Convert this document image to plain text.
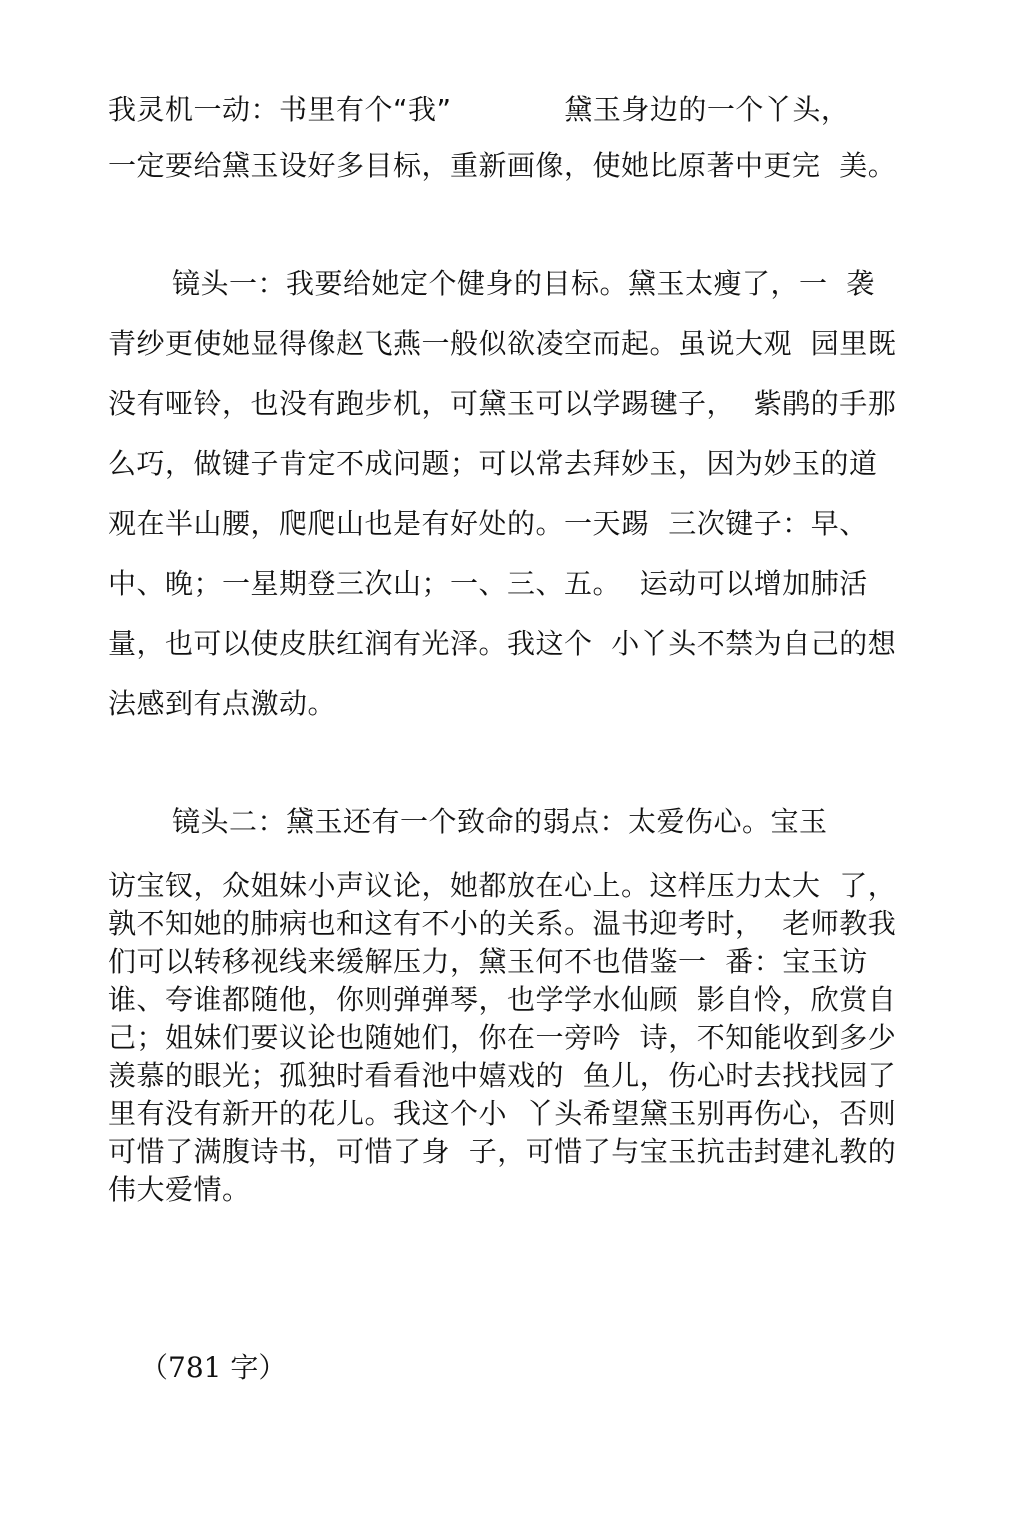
我灵机一动：书里有个“我”            黛玉身边的一个丫头，
一定要给黛玉设好多目标，重新画像，使她比原著中更完  美。
镜头一：我要给她定个健身的目标。黛玉太瘦了，一  袭
青纱更使她显得像赵飞燕一般似欲凌空而起。虽说大观  园里既
没有哑铃，也没有跑步机，可黛玉可以学踢毽子，  紫鹃的手那
么巧，做键子肯定不成问题；可以常去拜妙玉，因为妙玉的道
观在半山腰，爬爬山也是有好处的。一天踢  三次键子：早、
中、晚；一星期登三次山；一、三、五。  运动可以增加肺活
量，也可以使皮肤红润有光泽。我这个  小丫头不禁为自己的想
法感到有点激动。
镜头二：黛玉还有一个致命的弱点：太爱伤心。宝玉
访宝钗，众姐妹小声议论，她都放在心上。这样压力太大  了，
孰不知她的肺病也和这有不小的关系。温书迎考时，  老师教我
们可以转移视线来缓解压力，黛玉何不也借鉴一  番：宝玉访
谁、夸谁都随他，你则弹弹琴，也学学水仙顾  影自怜，欣赏自
己；姐妹们要议论也随她们，你在一旁吟  诗，不知能收到多少
羡慕的眼光；孤独时看看池中嬉戏的  鱼儿，伤心时去找找园了
里有没有新开的花儿。我这个小  丫头希望黛玉别再伤心，否则
可惜了满腹诗书，可惜了身  子，可惜了与宝玉抗击封建礼教的
伟大爱情。
（781 字）
